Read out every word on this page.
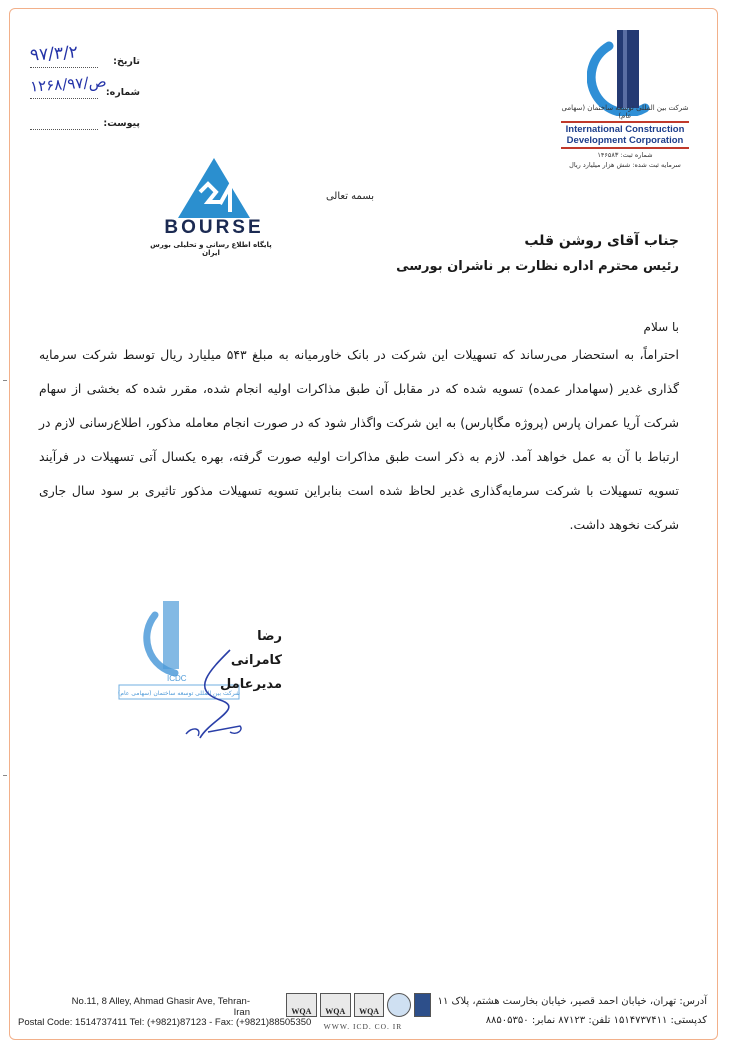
تاریخ:
۹۷/۳/۲
شماره:
ص/۱۲۶۸/۹۷
پیوست:
شرکت بین المللی توسعه ساختمان (سهامی عام)
International Construction
Development Corporation
شماره ثبت: ۱۴۶۵۸۳
سرمایه ثبت شده: شش هزار میلیارد ریال
BOURSE
پایگاه اطلاع رسانی و تحلیلی بورس ایران
بسمه تعالی
جناب آقای روشن قلب
رئیس محترم اداره نظارت بر ناشران بورسی
با سلام
احتراماً، به استحضار می‌رساند که تسهیلات این شرکت در بانک خاورمیانه به مبلغ ۵۴۳ میلیارد ریال توسط شرکت سرمایه گذاری غدیر (سهامدار عمده) تسویه شده که در مقابل آن طبق مذاکرات اولیه انجام شده، مقرر شده که بخشی از سهام شرکت آریا عمران پارس (پروژه مگاپارس) به این شرکت واگذار شود که در صورت انجام معامله مذکور، اطلاع‌رسانی لازم در ارتباط با آن به عمل خواهد آمد. لازم به ذکر است طبق مذاکرات اولیه صورت گرفته، بهره یکسال آتی تسهیلات در فرآیند تسویه تسهیلات با شرکت سرمایه‌گذاری غدیر لحاظ شده است بنابراین تسویه تسهیلات مذکور تاثیری بر سود سال جاری شرکت نخوهد داشت.
ICDC
شرکت بین المللی توسعه ساختمان (سهامی عام)
رضا کامرانی
مدیرعامل
آدرس: تهران، خیابان احمد قصیر، خیابان بخارست هشتم، پلاک ۱۱
کدپستی: ۱۵۱۴۷۳۷۴۱۱ تلفن: ۸۷۱۲۳ نمابر: ۸۸۵۰۵۳۵۰
No.11, 8 Alley, Ahmad Ghasir Ave, Tehran-Iran
Postal Code: 1514737411 Tel: (+9821)87123 - Fax: (+9821)88505350
WQA	WQA	WQA
WWW. ICD. CO. IR
